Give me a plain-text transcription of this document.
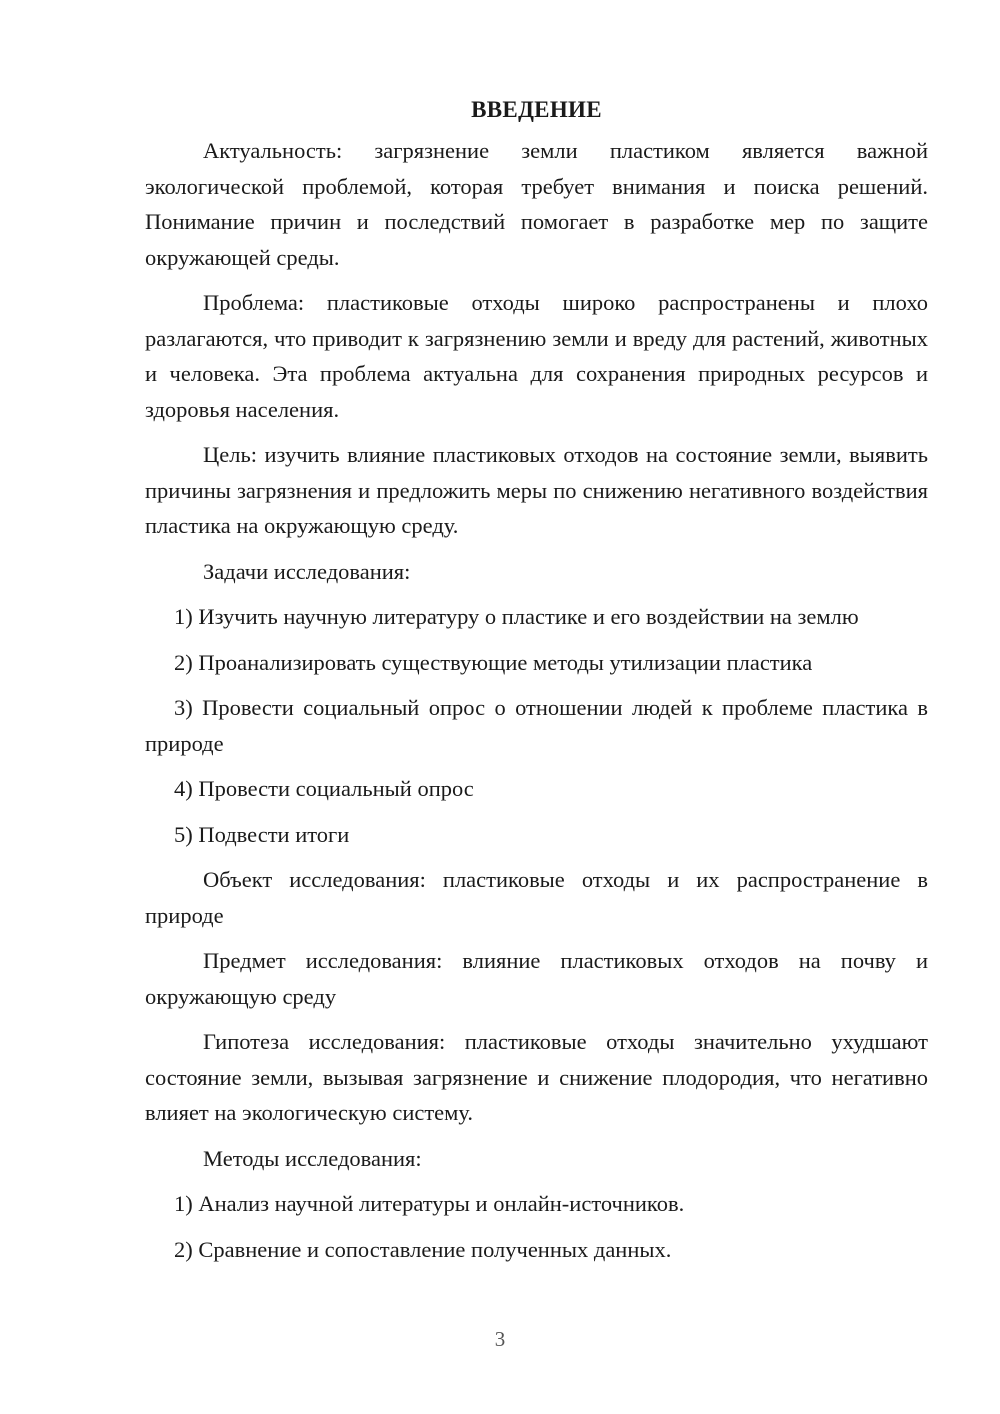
ВВЕДЕНИЕ

Актуальность: загрязнение земли пластиком является важной экологической проблемой, которая требует внимания и поиска решений. Понимание причин и последствий помогает в разработке мер по защите окружающей среды.

Проблема: пластиковые отходы широко распространены и плохо разлагаются, что приводит к загрязнению земли и вреду для растений, животных и человека. Эта проблема актуальна для сохранения природных ресурсов и здоровья населения.

Цель: изучить влияние пластиковых отходов на состояние земли, выявить причины загрязнения и предложить меры по снижению негативного воздействия пластика на окружающую среду.

Задачи исследования:

1) Изучить научную литературу о пластике и его воздействии на землю

2) Проанализировать существующие методы утилизации пластика

3) Провести социальный опрос о отношении людей к проблеме пластика в природе

4) Провести социальный опрос

5) Подвести итоги

Объект исследования: пластиковые отходы и их распространение в природе

Предмет исследования: влияние пластиковых отходов на почву и окружающую среду

Гипотеза исследования: пластиковые отходы значительно ухудшают состояние земли, вызывая загрязнение и снижение плодородия, что негативно влияет на экологическую систему.

Методы исследования:

1) Анализ научной литературы и онлайн-источников.

2) Сравнение и сопоставление полученных данных.

3
